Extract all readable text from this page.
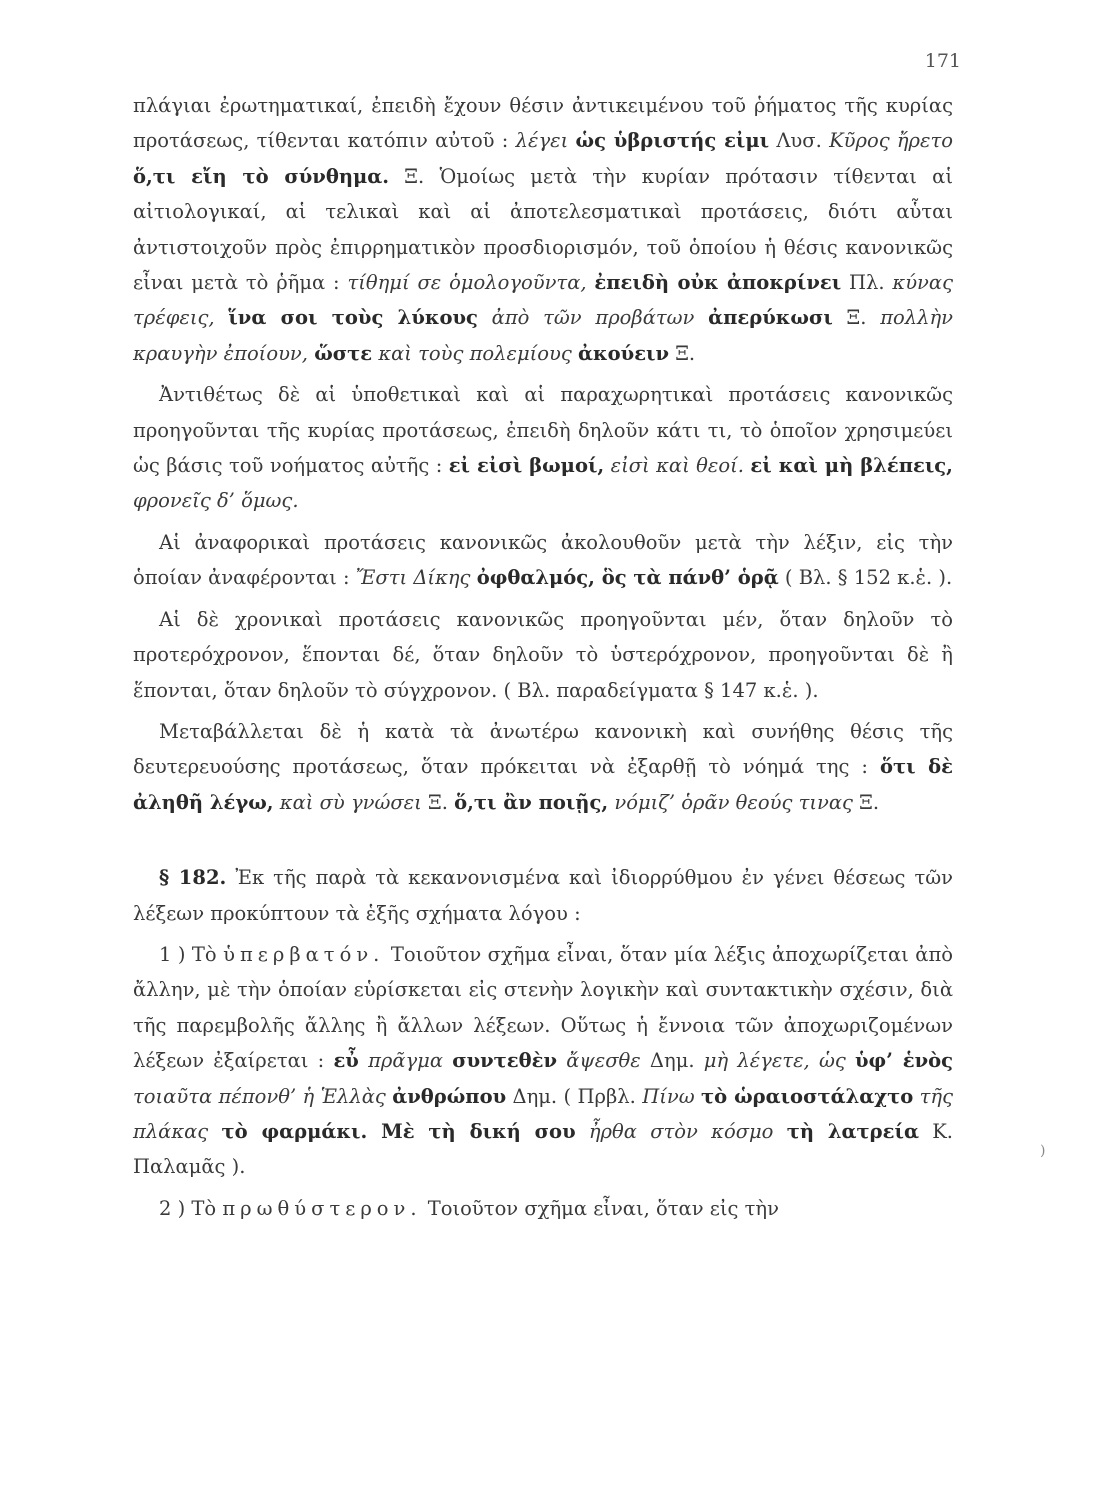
171
)

πλάγιαι ἐρωτηματικαί, ἐπειδὴ ἔχουν θέσιν ἀντικειμένου τοῦ ῥήματος τῆς κυρίας προτάσεως, τίθενται κατόπιν αὐτοῦ : λέγει ὡς ὑβριστής εἰμι Λυσ. Κῦρος ἤρετο ὅ,τι εἴη τὸ σύνθημα. Ξ. Ὁμοίως μετὰ τὴν κυρίαν πρότασιν τίθενται αἱ αἰτιολογικαί, αἱ τελικαὶ καὶ αἱ ἀποτελεσματικαὶ προτάσεις, διότι αὗται ἀντιστοιχοῦν πρὸς ἐπιρρηματικὸν προσδιορισμόν, τοῦ ὁποίου ἡ θέσις κανονικῶς εἶναι μετὰ τὸ ῥῆμα : τίθημί σε ὁμολογοῦντα, ἐπειδὴ οὐκ ἀποκρίνει Πλ. κύνας τρέφεις, ἵνα σοι τοὺς λύκους ἀπὸ τῶν προβάτων ἀπερύκωσι Ξ. πολλὴν κραυγὴν ἐποίουν, ὥστε καὶ τοὺς πολεμίους ἀκούειν Ξ.

Ἀντιθέτως δὲ αἱ ὑποθετικαὶ καὶ αἱ παραχωρητικαὶ προτάσεις κανονικῶς προηγοῦνται τῆς κυρίας προτάσεως, ἐπειδὴ δηλοῦν κάτι τι, τὸ ὁποῖον χρησιμεύει ὡς βάσις τοῦ νοήματος αὐτῆς : εἰ εἰσὶ βωμοί, εἰσὶ καὶ θεοί. εἰ καὶ μὴ βλέπεις, φρονεῖς δ’ ὅμως.

Αἱ ἀναφορικαὶ προτάσεις κανονικῶς ἀκολουθοῦν μετὰ τὴν λέξιν, εἰς τὴν ὁποίαν ἀναφέρονται : Ἔστι Δίκης ὀφθαλμός, ὃς τὰ πάνθ’ ὁρᾷ ( Βλ. § 152 κ.ἑ. ).

Αἱ δὲ χρονικαὶ προτάσεις κανονικῶς προηγοῦνται μέν, ὅταν δηλοῦν τὸ προτερόχρονον, ἕπονται δέ, ὅταν δηλοῦν τὸ ὑστερόχρονον, προηγοῦνται δὲ ἢ ἕπονται, ὅταν δηλοῦν τὸ σύγχρονον. ( Βλ. παραδείγματα § 147 κ.ἑ. ).

Μεταβάλλεται δὲ ἡ κατὰ τὰ ἀνωτέρω κανονικὴ καὶ συνήθης θέσις τῆς δευτερευούσης προτάσεως, ὅταν πρόκειται νὰ ἐξαρθῇ τὸ νόημά της : ὅτι δὲ ἀληθῆ λέγω, καὶ σὺ γνώσει Ξ. ὅ,τι ἂν ποιῇς, νόμιζ’ ὁρᾶν θεούς τινας Ξ.

§ 182. Ἐκ τῆς παρὰ τὰ κεκανονισμένα καὶ ἰδιορρύθμου ἐν γένει θέσεως τῶν λέξεων προκύπτουν τὰ ἑξῆς σχήματα λόγου :

1 ) Τὸ ὑπερβατόν. Τοιοῦτον σχῆμα εἶναι, ὅταν μία λέξις ἀποχωρίζεται ἀπὸ ἄλλην, μὲ τὴν ὁποίαν εὑρίσκεται εἰς στενὴν λογικὴν καὶ συντακτικὴν σχέσιν, διὰ τῆς παρεμβολῆς ἄλλης ἢ ἄλλων λέξεων. Οὕτως ἡ ἔννοια τῶν ἀποχωριζομένων λέξεων ἐξαίρεται : εὖ πρᾶγμα συντεθὲν ἄψεσθε Δημ. μὴ λέγετε, ὡς ὑφ’ ἑνὸς τοιαῦτα πέπονθ’ ἡ Ἑλλὰς ἀνθρώπου Δημ. ( Πρβλ. Πίνω τὸ ὡραιοστάλαχτο τῆς πλάκας τὸ φαρμάκι. Μὲ τὴ δική σου ἦρθα στὸν κόσμο τὴ λατρεία Κ. Παλαμᾶς ).

2 ) Τὸ πρωθύστερον. Τοιοῦτον σχῆμα εἶναι, ὅταν εἰς τὴν
